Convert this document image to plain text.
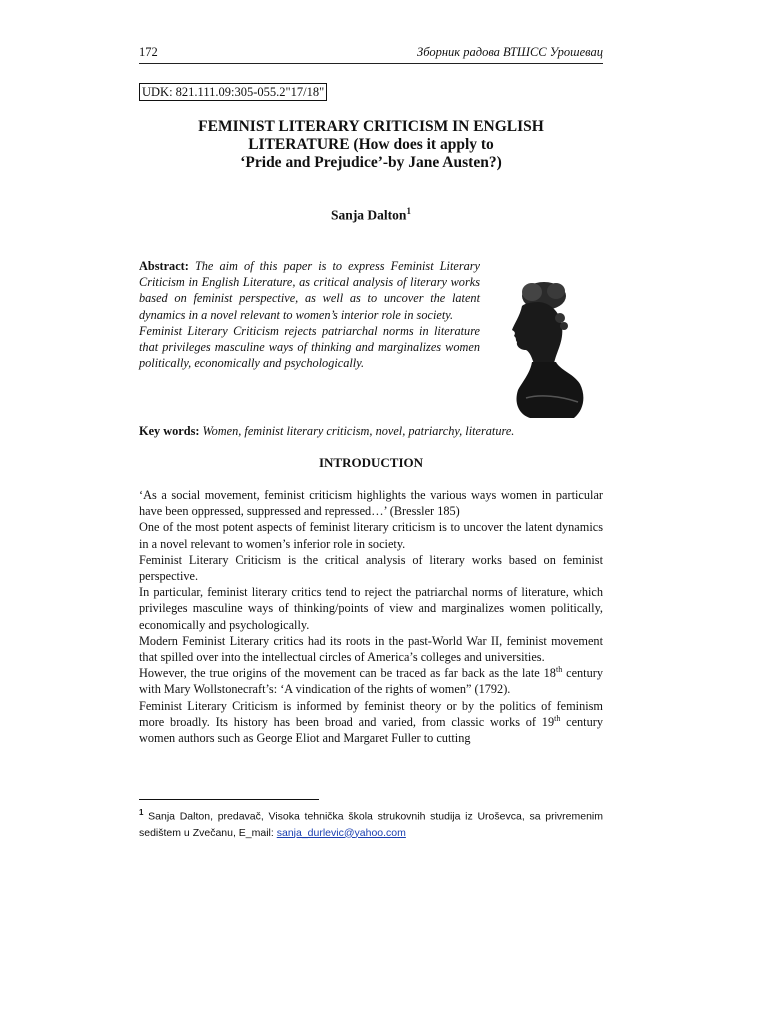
172	Зборник радова ВТШСС Урошевац
UDK: 821.111.09:305-055.2"17/18"
FEMINIST LITERARY CRITICISM IN ENGLISH
LITERATURE (How does it apply to
‘Pride and Prejudice’-by Jane Austen?)
Sanja Dalton$^1$

Abstract: The aim of this paper is to express Feminist Literary Criticism in English Literature, as critical analysis of literary works based on feminist perspective, as well as to uncover the latent dynamics in a novel relevant to women’s interior role in society.

Feminist Literary Criticism rejects patriarchal norms in literature that privileges masculine ways of thinking and marginalizes women politically, economically and psychologically.

Key words: Women, feminist literary criticism, novel, patriarchy, literature.
INTRODUCTION

‘As a social movement, feminist criticism highlights the various ways women in particular have been oppressed, suppressed and repressed…’ (Bressler 185)

One of the most potent aspects of feminist literary criticism is to uncover the latent dynamics in a novel relevant to women’s inferior role in society.

Feminist Literary Criticism is the critical analysis of literary works based on feminist perspective.

In particular, feminist literary critics tend to reject the patriarchal norms of literature, which privileges masculine ways of thinking/points of view and marginalizes women politically, economically and psychologically.

Modern Feminist Literary critics had its roots in the past-World War II, feminist movement that spilled over into the intellectual circles of America’s colleges and universities.

However, the true origins of the movement can be traced as far back as the late 18th century with Mary Wollstonecraft’s: ‘A vindication of the rights of women” (1792).

Feminist Literary Criticism is informed by feminist theory or by the politics of feminism more broadly. Its history has been broad and varied, from classic works of 19th century women authors such as George Eliot and Margaret Fuller to cutting

$^1$ Sanja Dalton, predavač, Visoka tehnička škola strukovnih studija iz Uroševca, sa privremenim sedištem u Zvečanu, E_mail: sanja_durlevic@yahoo.com
